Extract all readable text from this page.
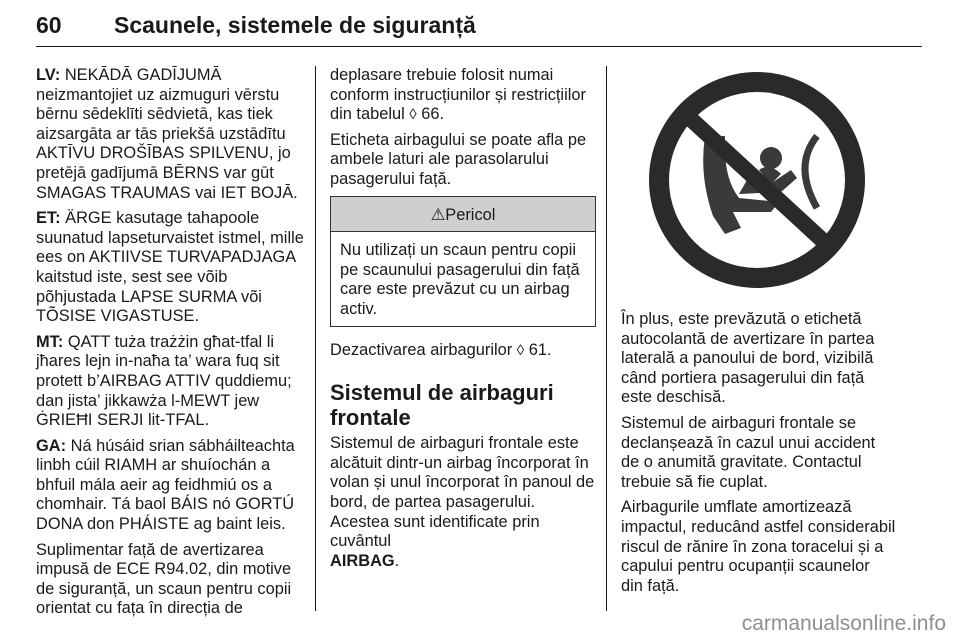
60 Scaunele, sistemele de siguranță

LV: NEKĀDĀ GADĪJUMĀ neizmantojiet uz aizmuguri vērstu bērnu sēdeklīti sēdvietā, kas tiek aizsargāta ar tās priekšā uzstādītu AKTĪVU DROŠĪBAS SPILVENU, jo pretējā gadījumā BĒRNS var gūt SMAGAS TRAUMAS vai IET BOJĀ.

ET: ÄRGE kasutage tahapoole suunatud lapseturvaistet istmel, mille ees on AKTIIVSE TURVAPADJAGA kaitstud iste, sest see võib põhjustada LAPSE SURMA või TÕSISE VIGASTUSE.

MT: QATT tuża trażżin għat-tfal li jħares lejn in-naħa ta’ wara fuq sit protett b’AIRBAG ATTIV quddiemu; dan jista’ jikkawża l-MEWT jew ĠRIEĦI SERJI lit-TFAL.

GA: Ná húsáid srian sábháilteachta linbh cúil RIAMH ar shuíochán a bhfuil mála aeir ag feidhmiú os a chomhair. Tá baol BÁIS nó GORTÚ DONA don PHÁISTE ag baint leis.

Suplimentar față de avertizarea impusă de ECE R94.02, din motive de siguranță, un scaun pentru copii orientat cu fața în direcția de

deplasare trebuie folosit numai conform instrucțiunilor și restricțiilor din tabelul ◊ 66.

Eticheta airbagului se poate afla pe ambele laturi ale parasolarului pasagerului față.

⚠Pericol
Nu utilizați un scaun pentru copii pe scaunului pasagerului din față care este prevăzut cu un airbag activ.

Dezactivarea airbagurilor ◊ 61.

Sistemul de airbaguri frontale

Sistemul de airbaguri frontale este alcătuit dintr-un airbag încorporat în volan și unul încorporat în panoul de bord, de partea pasagerului. Acestea sunt identificate prin cuvântul
AIRBAG.

În plus, este prevăzută o etichetă autocolantă de avertizare în partea laterală a panoului de bord, vizibilă când portiera pasagerului din față este deschisă.

Sistemul de airbaguri frontale se declanșează în cazul unui accident de o anumită gravitate. Contactul trebuie să fie cuplat.

Airbagurile umflate amortizează impactul, reducând astfel considerabil riscul de rănire în zona toracelui și a capului pentru ocupanții scaunelor din față.

carmanualsonline.info
